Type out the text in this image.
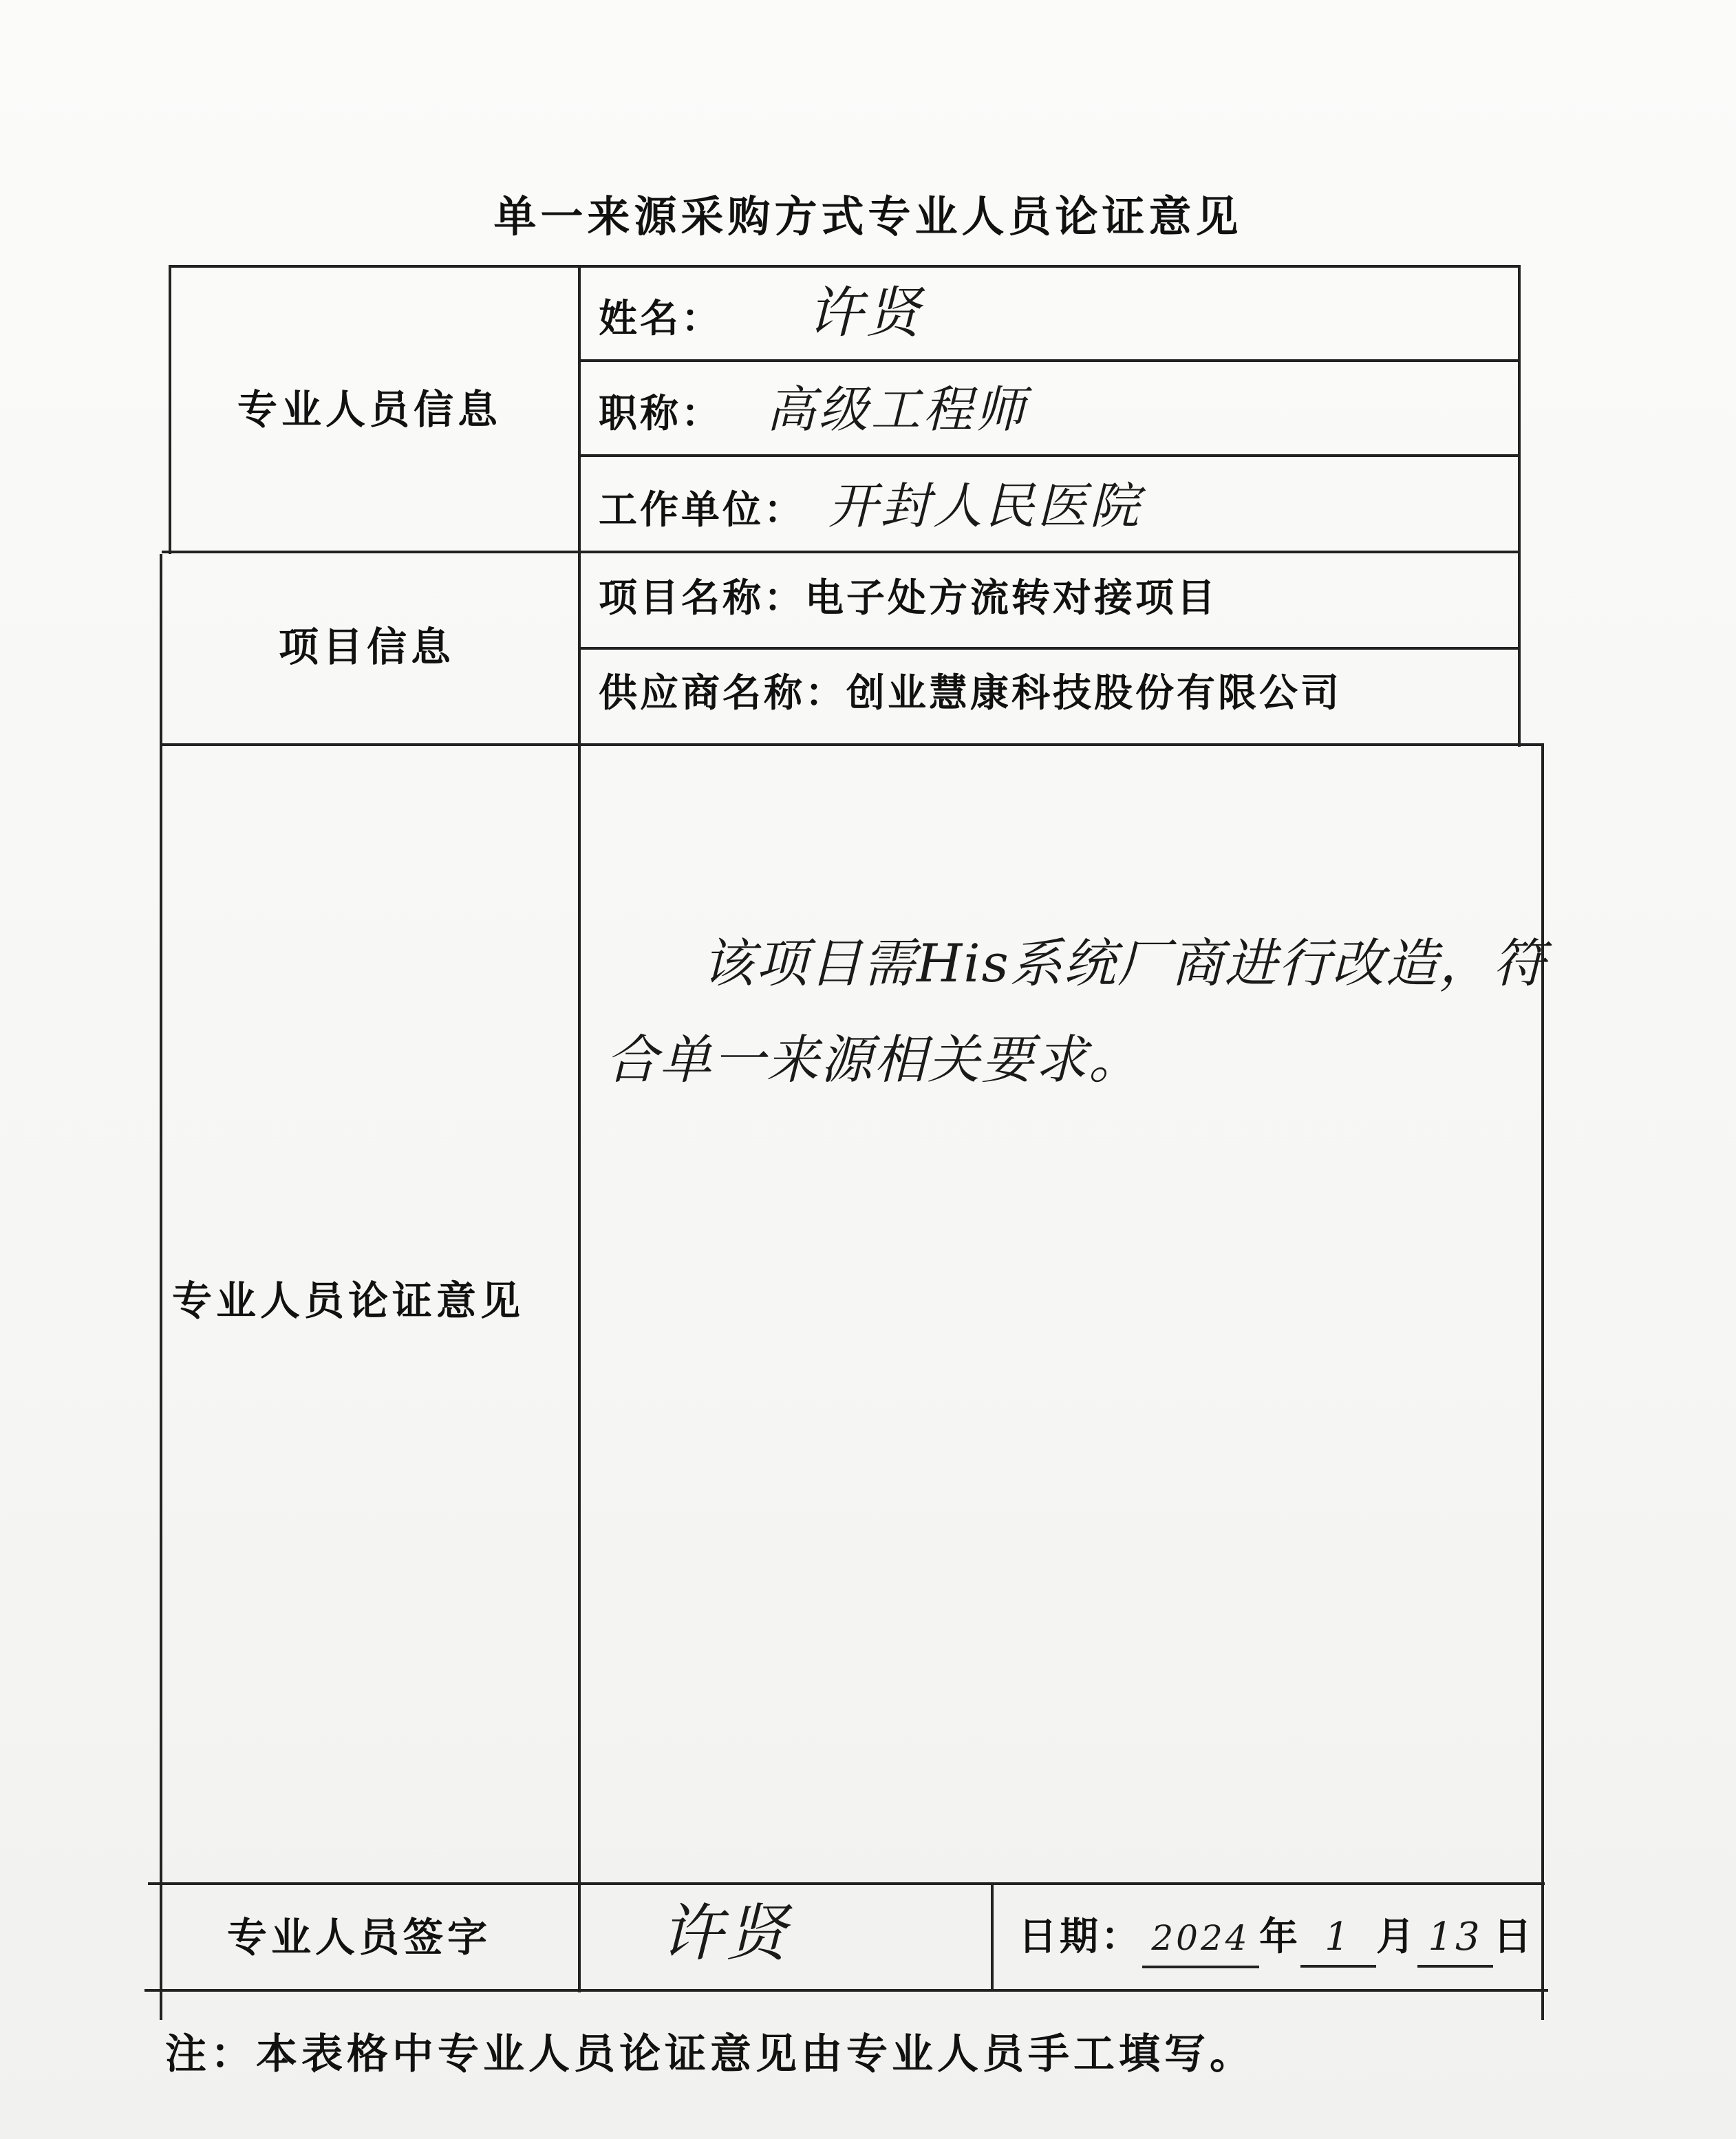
单一来源采购方式专业人员论证意见
专业人员信息
项目信息
专业人员论证意见
专业人员签字
姓名： 许贤
职称： 高级工程师
工作单位： 开封人民医院
项目名称：电子处方流转对接项目
供应商名称：创业慧康科技股份有限公司
该项目需His系统厂商进行改造，符
合单一来源相关要求。
许贤	日期： 2024 年 1 月 13 日
注：本表格中专业人员论证意见由专业人员手工填写。
